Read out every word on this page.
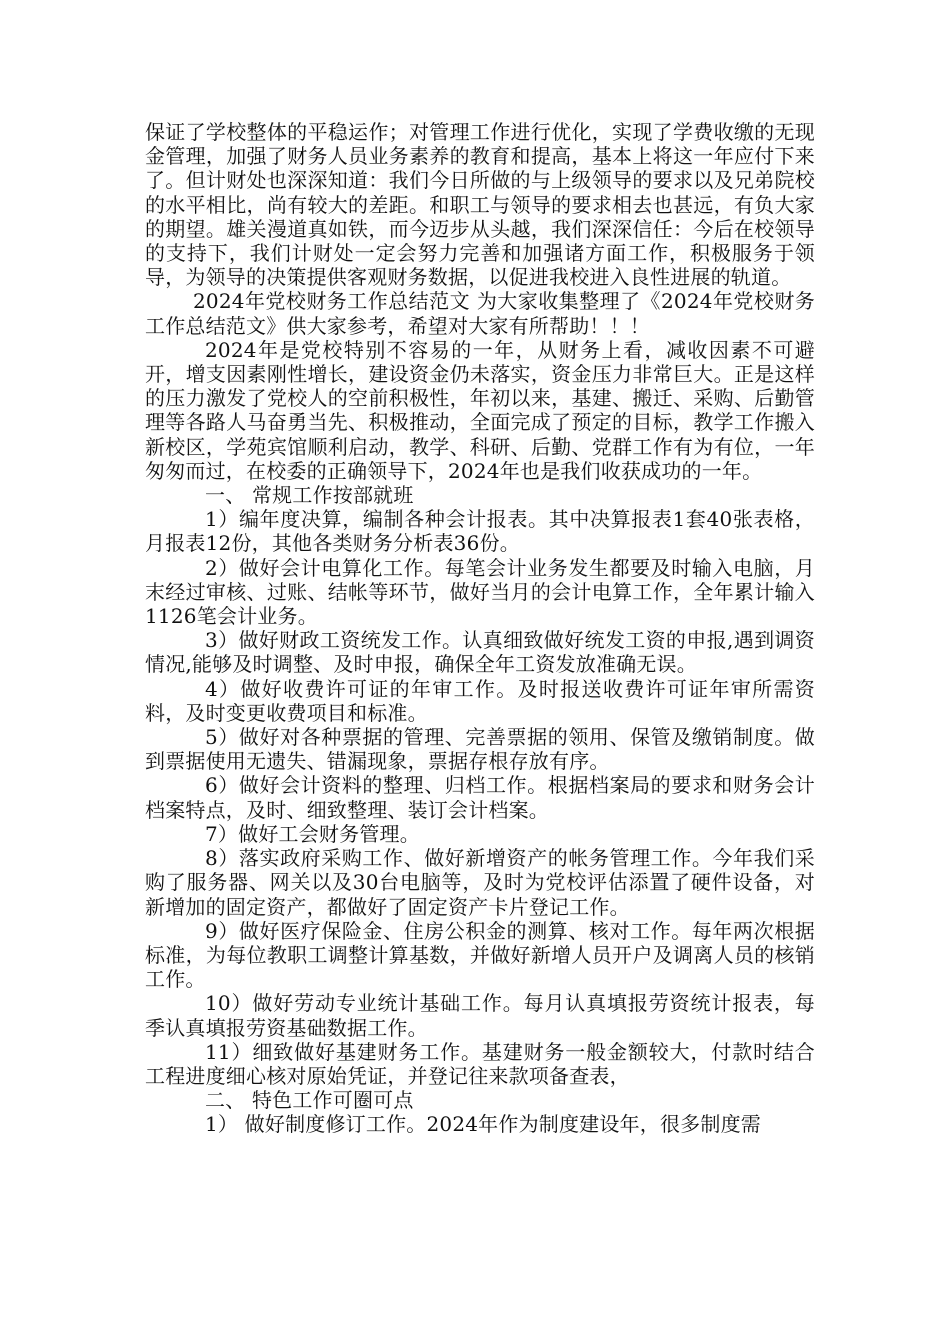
保证了学校整体的平稳运作；对管理工作进行优化，实现了学费收缴的无现金管理，加强了财务人员业务素养的教育和提高，基本上将这一年应付下来了。但计财处也深深知道：我们今日所做的与上级领导的要求以及兄弟院校的水平相比，尚有较大的差距。和职工与领导的要求相去也甚远，有负大家的期望。雄关漫道真如铁，而今迈步从头越，我们深深信任：今后在校领导的支持下，我们计财处一定会努力完善和加强诸方面工作，积极服务于领导，为领导的决策提供客观财务数据，以促进我校进入良性进展的轨道。

2024年党校财务工作总结范文 为大家收集整理了《2024年党校财务工作总结范文》供大家参考，希望对大家有所帮助！！！

2024年是党校特别不容易的一年，从财务上看，减收因素不可避开，增支因素刚性增长，建设资金仍未落实，资金压力非常巨大。正是这样的压力激发了党校人的空前积极性，年初以来，基建、搬迁、采购、后勤管理等各路人马奋勇当先、积极推动，全面完成了预定的目标，教学工作搬入新校区，学苑宾馆顺利启动，教学、科研、后勤、党群工作有为有位，一年匆匆而过，在校委的正确领导下，2024年也是我们收获成功的一年。

一、 常规工作按部就班

1）编年度决算，编制各种会计报表。其中决算报表1套40张表格，月报表12份，其他各类财务分析表36份。

2）做好会计电算化工作。每笔会计业务发生都要及时输入电脑，月末经过审核、过账、结帐等环节，做好当月的会计电算工作，全年累计输入1126笔会计业务。

3）做好财政工资统发工作。认真细致做好统发工资的申报,遇到调资情况,能够及时调整、及时申报，确保全年工资发放准确无误。

4）做好收费许可证的年审工作。及时报送收费许可证年审所需资料，及时变更收费项目和标准。

5）做好对各种票据的管理、完善票据的领用、保管及缴销制度。做到票据使用无遗失、错漏现象，票据存根存放有序。

6）做好会计资料的整理、归档工作。根据档案局的要求和财务会计档案特点，及时、细致整理、装订会计档案。

7）做好工会财务管理。

8）落实政府采购工作、做好新增资产的帐务管理工作。今年我们采购了服务器、网关以及30台电脑等，及时为党校评估添置了硬件设备，对新增加的固定资产，都做好了固定资产卡片登记工作。

9）做好医疗保险金、住房公积金的测算、核对工作。每年两次根据标准，为每位教职工调整计算基数，并做好新增人员开户及调离人员的核销工作。

10）做好劳动专业统计基础工作。每月认真填报劳资统计报表，每季认真填报劳资基础数据工作。

11）细致做好基建财务工作。基建财务一般金额较大，付款时结合工程进度细心核对原始凭证，并登记往来款项备查表，

二、 特色工作可圈可点

1） 做好制度修订工作。2024年作为制度建设年，很多制度需
